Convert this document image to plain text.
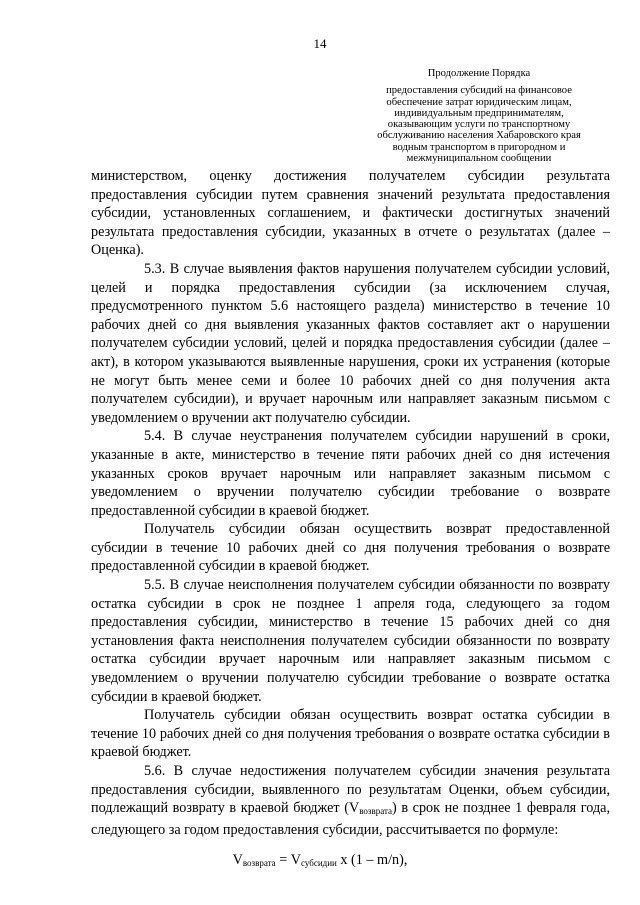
14
Продолжение Порядка
предоставления субсидий на финансовое
обеспечение затрат юридическим лицам,
индивидуальным предпринимателям,
оказывающим услуги по транспортному
обслуживанию населения Хабаровского края
водным транспортом в пригородном и
межмуниципальном сообщении

министерством, оценку достижения получателем субсидии результата предоставления субсидии путем сравнения значений результата предоставления субсидии, установленных соглашением, и фактически достигнутых значений результата предоставления субсидии, указанных в отчете о результатах (далее – Оценка).

5.3. В случае выявления фактов нарушения получателем субсидии условий, целей и порядка предоставления субсидии (за исключением случая, предусмотренного пунктом 5.6 настоящего раздела) министерство в течение 10 рабочих дней со дня выявления указанных фактов составляет акт о нарушении получателем субсидии условий, целей и порядка предоставления субсидии (далее – акт), в котором указываются выявленные нарушения, сроки их устранения (которые не могут быть менее семи и более 10 рабочих дней со дня получения акта получателем субсидии), и вручает нарочным или направляет заказным письмом с уведомлением о вручении акт получателю субсидии.

5.4. В случае неустранения получателем субсидии нарушений в сроки, указанные в акте, министерство в течение пяти рабочих дней со дня истечения указанных сроков вручает нарочным или направляет заказным письмом с уведомлением о вручении получателю субсидии требование о возврате предоставленной субсидии в краевой бюджет.

Получатель субсидии обязан осуществить возврат предоставленной субсидии в течение 10 рабочих дней со дня получения требования о возврате предоставленной субсидии в краевой бюджет.

5.5. В случае неисполнения получателем субсидии обязанности по возврату остатка субсидии в срок не позднее 1 апреля года, следующего за годом предоставления субсидии, министерство в течение 15 рабочих дней со дня установления факта неисполнения получателем субсидии обязанности по возврату остатка субсидии вручает нарочным или направляет заказным письмом с уведомлением о вручении получателю субсидии требование о возврате остатка субсидии в краевой бюджет.

Получатель субсидии обязан осуществить возврат остатка субсидии в течение 10 рабочих дней со дня получения требования о возврате остатка субсидии в краевой бюджет.

5.6. В случае недостижения получателем субсидии значения результата предоставления субсидии, выявленного по результатам Оценки, объем субсидии, подлежащий возврату в краевой бюджет (Vвозврата) в срок не позднее 1 февраля года, следующего за годом предоставления субсидии, рассчитывается по формуле:

$V_{возврата} = V_{субсидии}$ x (1 – m/n),
